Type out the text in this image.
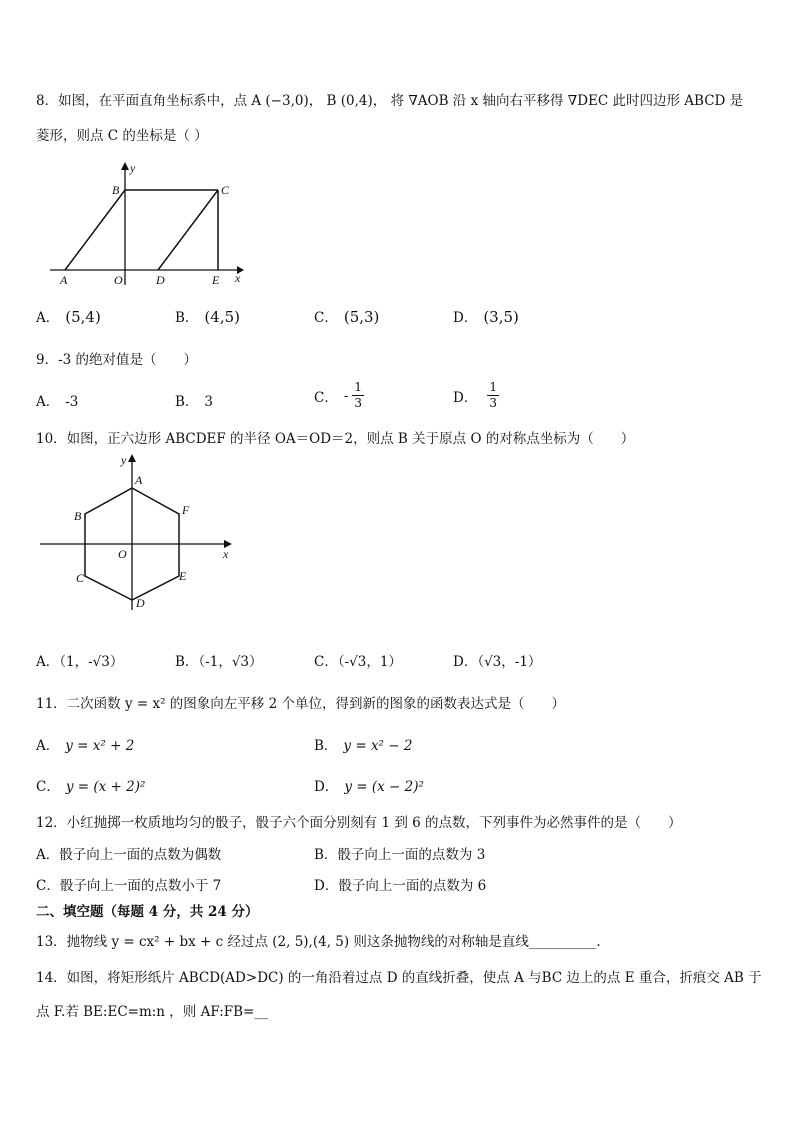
8．如图，在平面直角坐标系中，点 A (−3,0)， B (0,4)， 将 ∇AOB 沿 x 轴向右平移得 ∇DEC 此时四边形 ABCD 是
菱形，则点 C 的坐标是（ ）
y
x
B	C
A	O	D	E
A． (5,4)	B． (4,5)	C． (5,3)	D． (3,5)
9．-3 的绝对值是（　　）
A． -3	B． 3	C． -
1
3	D．
1
3
10．如图，正六边形 ABCDEF 的半径 OA＝OD＝2，则点 B 关于原点 O 的对称点坐标为（　　）
y
x
A
B	F
O
C	E
D
A．（1，-√3）	B．（-1，√3）	C．（-√3，1）	D．（√3，-1）
11．二次函数 y = x² 的图象向左平移 2 个单位，得到新的图象的函数表达式是（　　）
A． y = x² + 2	B． y = x² − 2
C． y = (x + 2)²	D． y = (x − 2)²
12．小红抛掷一枚质地均匀的骰子，骰子六个面分别刻有 1 到 6 的点数，下列事件为必然事件的是（　　）
A．骰子向上一面的点数为偶数	B．骰子向上一面的点数为 3
C．骰子向上一面的点数小于 7	D．骰子向上一面的点数为 6
二、填空题（每题 4 分，共 24 分）
13．抛物线 y = cx² + bx + c 经过点 (2, 5),(4, 5) 则这条抛物线的对称轴是直线__________.
14．如图，将矩形纸片 ABCD(AD>DC) 的一角沿着过点 D 的直线折叠，使点 A 与BC 边上的点 E 重合，折痕交 AB 于
点 F.若 BE:EC=m:n ，则 AF:FB=__
